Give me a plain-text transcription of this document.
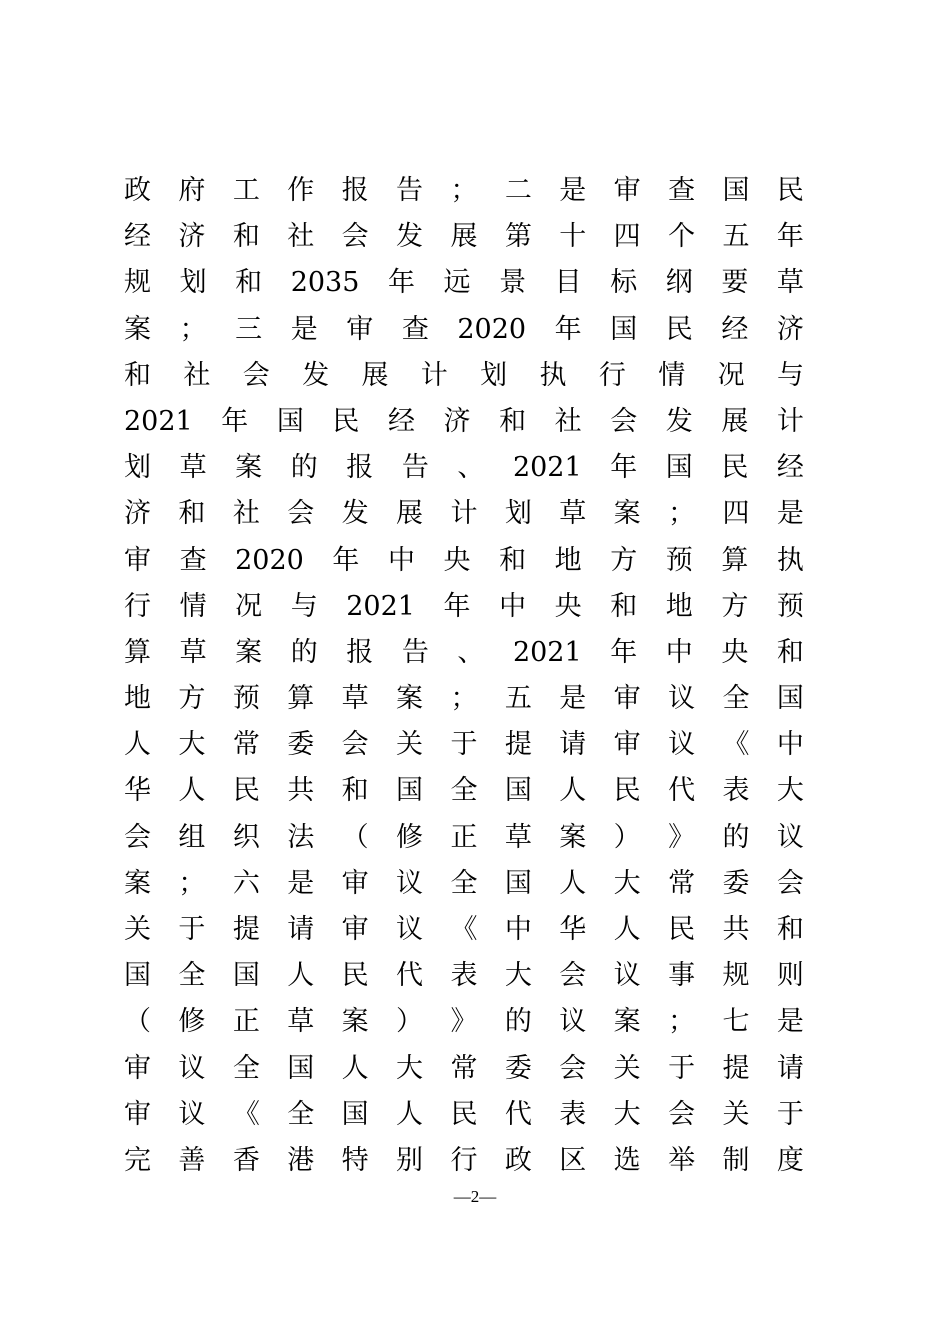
政 府 工 作 报 告 ； 二 是 审 查 国 民
经 济 和 社 会 发 展 第 十 四 个 五 年
规 划 和 2035 年 远 景 目 标 纲 要 草
案 ； 三 是 审 查 2020 年 国 民 经 济
和 社 会 发 展 计 划 执 行 情 况 与
2021 年 国 民 经 济 和 社 会 发 展 计
划 草 案 的 报 告 、 2021 年 国 民 经
济 和 社 会 发 展 计 划 草 案 ； 四 是
审 查 2020 年 中 央 和 地 方 预 算 执
行 情 况 与 2021 年 中 央 和 地 方 预
算 草 案 的 报 告 、 2021 年 中 央 和
地 方 预 算 草 案 ； 五 是 审 议 全 国
人 大 常 委 会 关 于 提 请 审 议 《 中
华 人 民 共 和 国 全 国 人 民 代 表 大
会 组 织 法 （ 修 正 草 案 ） 》 的 议
案 ； 六 是 审 议 全 国 人 大 常 委 会
关 于 提 请 审 议 《 中 华 人 民 共 和
国 全 国 人 民 代 表 大 会 议 事 规 则
（ 修 正 草 案 ） 》 的 议 案 ； 七 是
审 议 全 国 人 大 常 委 会 关 于 提 请
审 议 《 全 国 人 民 代 表 大 会 关 于
完 善 香 港 特 别 行 政 区 选 举 制 度
—2—
